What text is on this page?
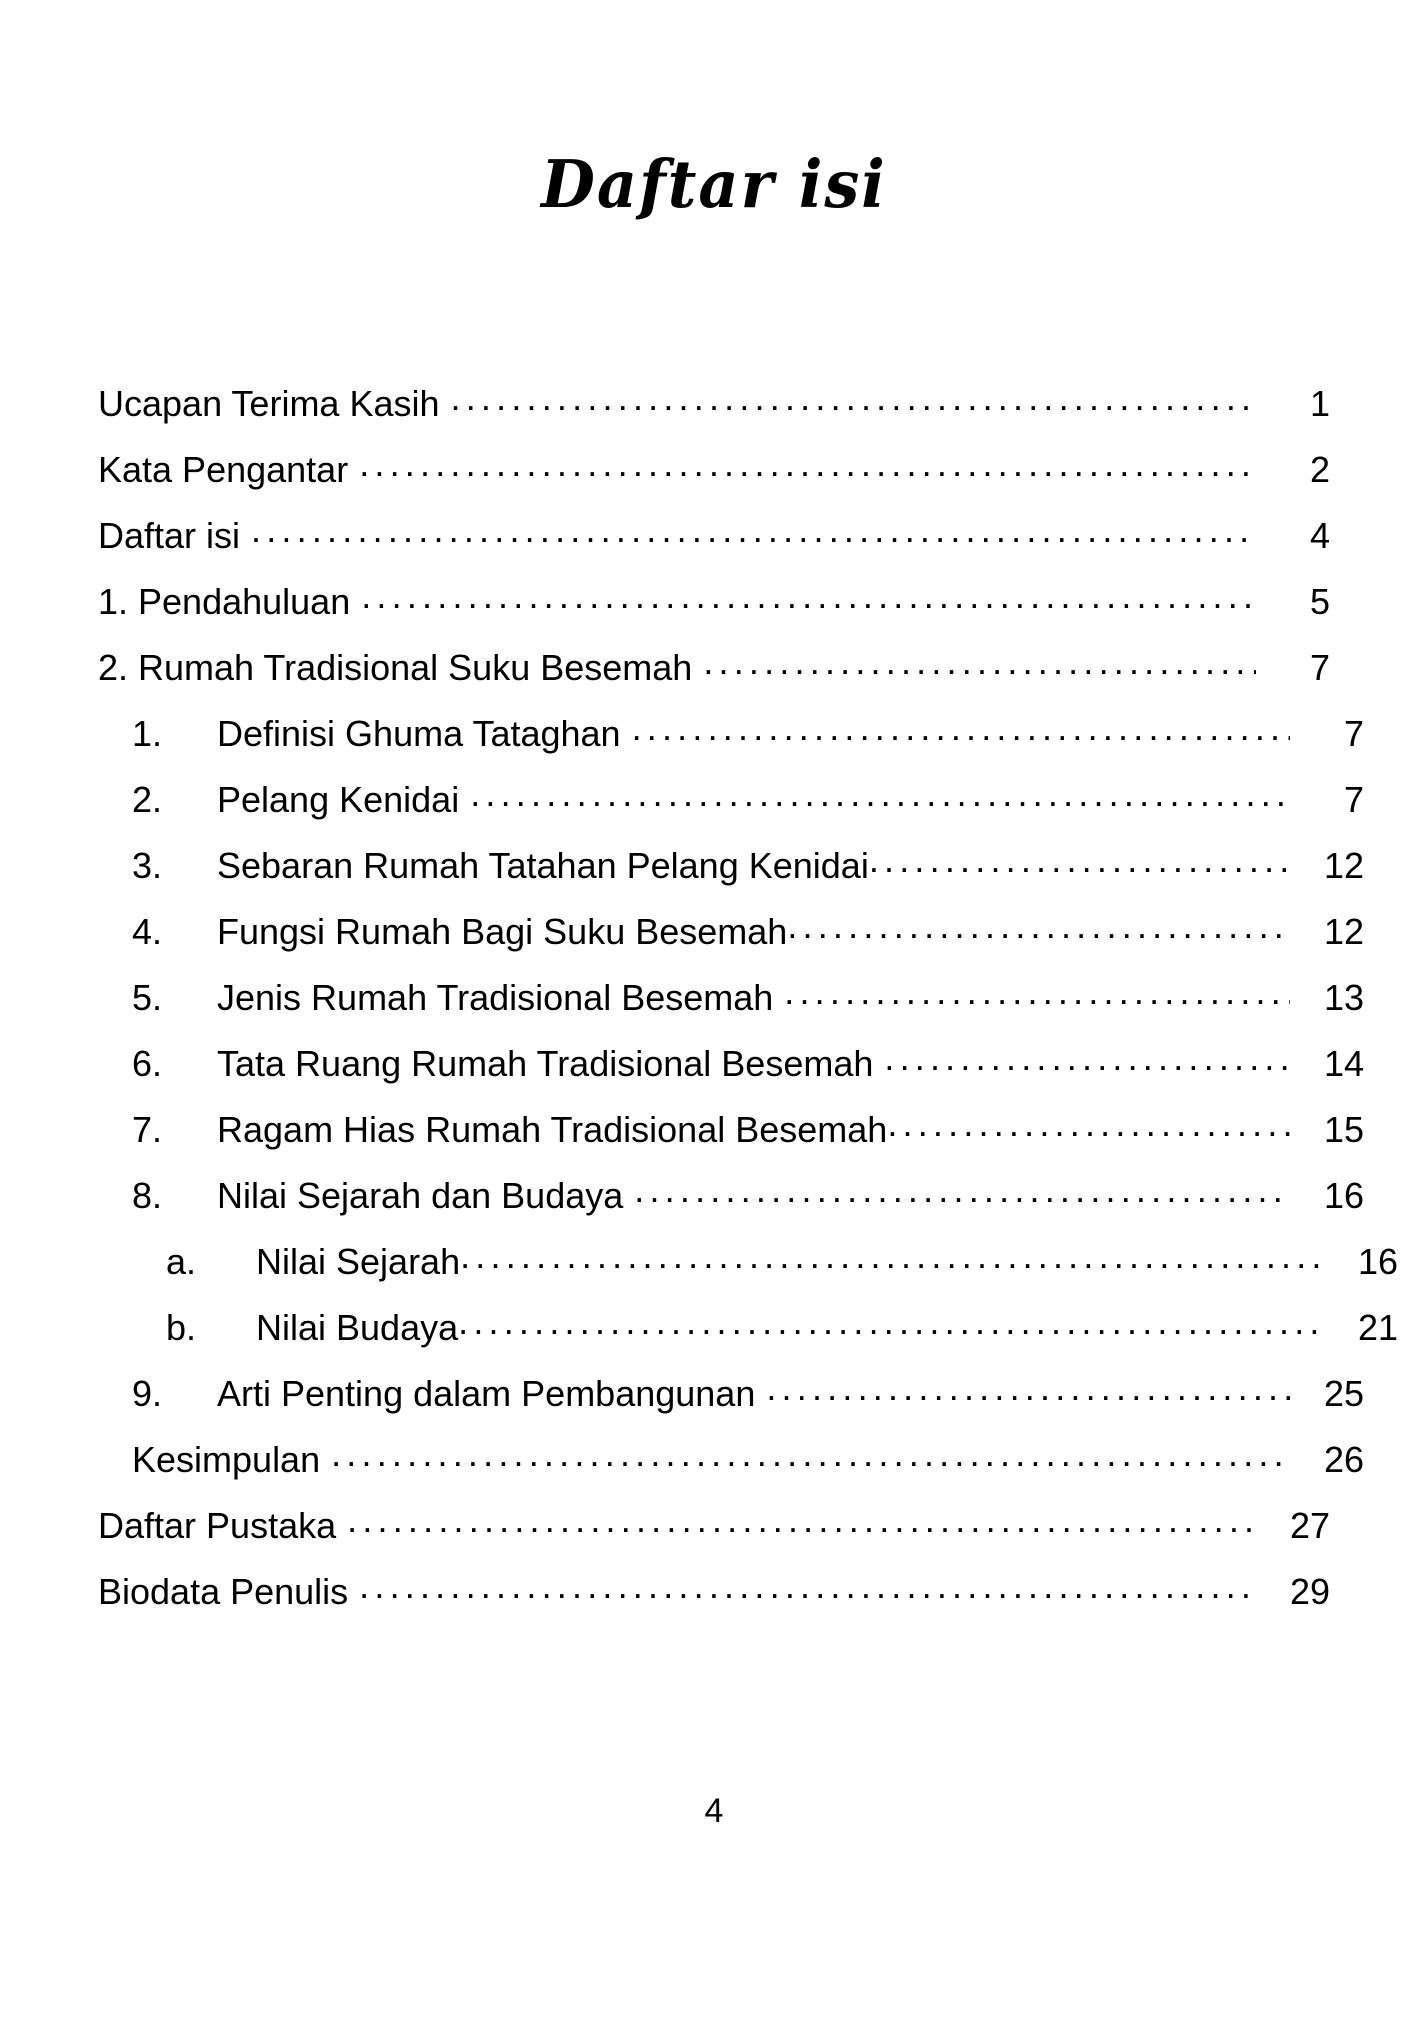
Daftar isi
Ucapan Terima Kasih .....	1
Kata Pengantar .....	2
Daftar isi .....	4
1. Pendahuluan .....	5
2. Rumah Tradisional Suku Besemah .....	7
1.	Definisi Ghuma Tataghan .....	7
2.	Pelang Kenidai .....	7
3.	Sebaran Rumah Tatahan Pelang Kenidai .....	12
4.	Fungsi Rumah Bagi Suku Besemah .....	12
5.	Jenis Rumah Tradisional Besemah .....	13
6.	Tata Ruang Rumah Tradisional Besemah .....	14
7.	Ragam Hias Rumah Tradisional Besemah .....	15
8.	Nilai Sejarah dan Budaya .....	16
a.	Nilai Sejarah .....	16
b.	Nilai Budaya .....	21
9.	Arti Penting dalam Pembangunan .....	25
Kesimpulan .....	26
Daftar Pustaka .....	27
Biodata Penulis .....	29
4
